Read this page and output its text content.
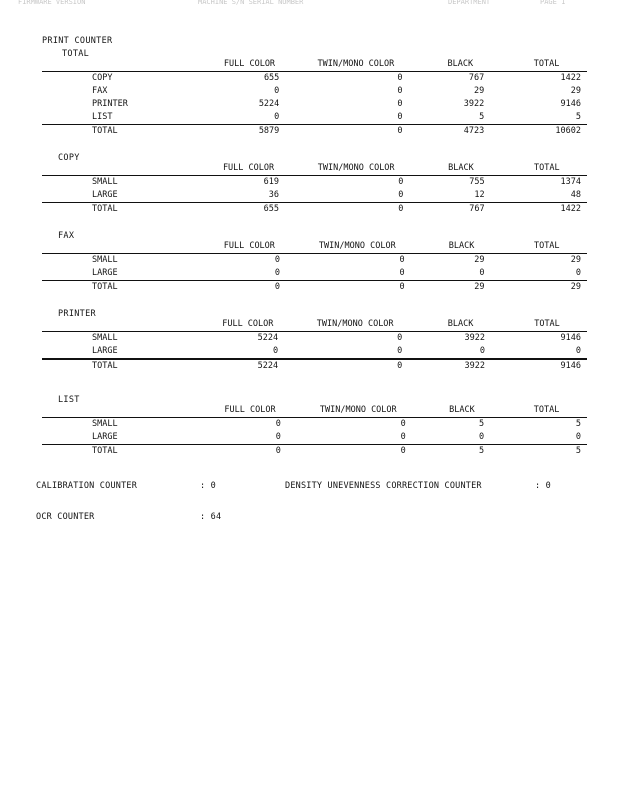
FIRMWARE VERSION	MACHINE S/N SERIAL NUMBER	DEPARTMENT	PAGE 1
PRINT COUNTER
TOTAL
	FULL COLOR	TWIN/MONO COLOR	BLACK	TOTAL
COPY	655	0	767	1422
FAX	0	0	29	29
PRINTER	5224	0	3922	9146
LIST	0	0	5	5
TOTAL	5879	0	4723	10602
COPY
	FULL COLOR	TWIN/MONO COLOR	BLACK	TOTAL
SMALL	619	0	755	1374
LARGE	36	0	12	48
TOTAL	655	0	767	1422
FAX
	FULL COLOR	TWIN/MONO COLOR	BLACK	TOTAL
SMALL	0	0	29	29
LARGE	0	0	0	0
TOTAL	0	0	29	29
PRINTER
	FULL COLOR	TWIN/MONO COLOR	BLACK	TOTAL
SMALL	5224	0	3922	9146
LARGE	0	0	0	0
TOTAL	5224	0	3922	9146
LIST
	FULL COLOR	TWIN/MONO COLOR	BLACK	TOTAL
SMALL	0	0	5	5
LARGE	0	0	0	0
TOTAL	0	0	5	5
CALIBRATION COUNTER	: 0	DENSITY UNEVENNESS CORRECTION COUNTER	: 0
OCR COUNTER	: 64
